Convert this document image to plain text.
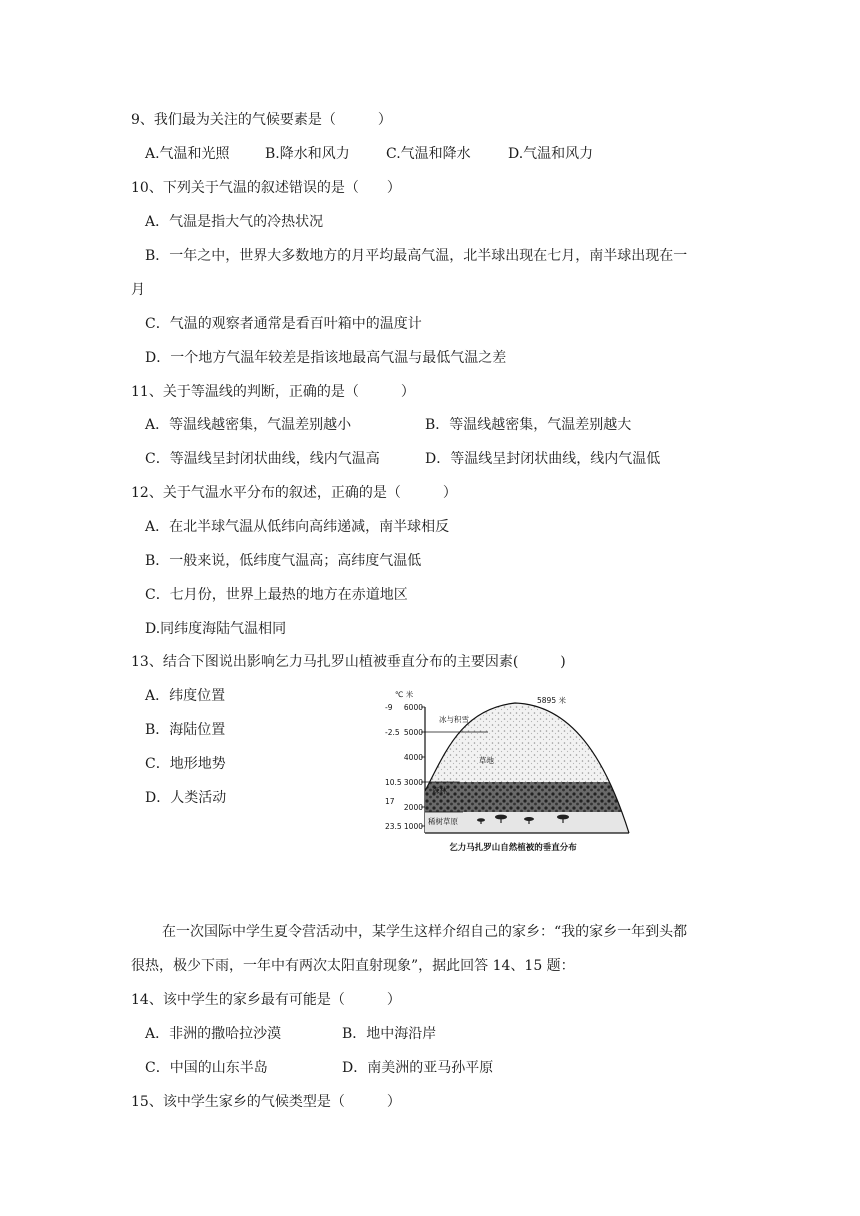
9、我们最为关注的气候要素是（　　　）
A.气温和光照	B.降水和风力	C.气温和降水	D.气温和风力
10、下列关于气温的叙述错误的是（　　）
A．气温是指大气的冷热状况
B．一年之中，世界大多数地方的月平均最高气温，北半球出现在七月，南半球出现在一
月
C．气温的观察者通常是看百叶箱中的温度计
D．一个地方气温年较差是指该地最高气温与最低气温之差
11、关于等温线的判断，正确的是（　　　）
A．等温线越密集，气温差别越小	B．等温线越密集，气温差别越大
C．等温线呈封闭状曲线，线内气温高	D．等温线呈封闭状曲线，线内气温低
12、关于气温水平分布的叙述，正确的是（　　　）
A．在北半球气温从低纬向高纬递减，南半球相反
B．一般来说，低纬度气温高；高纬度气温低
C．七月份，世界上最热的地方在赤道地区
D.同纬度海陆气温相同
13、结合下图说出影响乞力马扎罗山植被垂直分布的主要因素(　　　)
A．纬度位置
B．海陆位置
C．地形地势
D．人类活动
℃ 米
5895 米
6000
5000
4000
3000
2000
1000
-9
-2.5
10.5
17
23.5
冰与积雪
草地
森林
稀树草原
乞力马扎罗山自然植被的垂直分布
在一次国际中学生夏令营活动中，某学生这样介绍自己的家乡：“我的家乡一年到头都
很热，极少下雨，一年中有两次太阳直射现象”，据此回答 14、15 题：
14、该中学生的家乡最有可能是（　　　）
A．非洲的撒哈拉沙漠	B．地中海沿岸
C．中国的山东半岛	D．南美洲的亚马孙平原
15、该中学生家乡的气候类型是（　　　）
